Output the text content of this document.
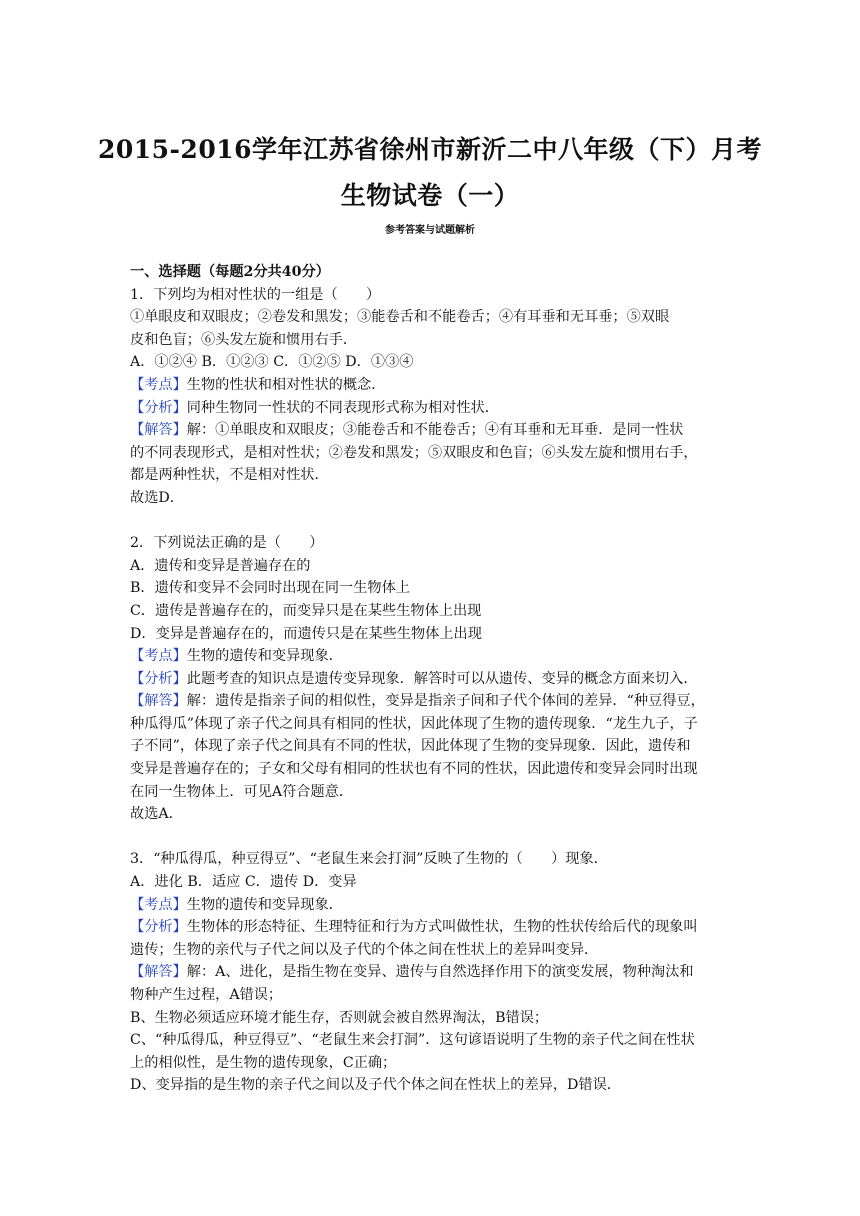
2015-2016学年江苏省徐州市新沂二中八年级（下）月考
生物试卷（一）
参考答案与试题解析

一、选择题（每题2分共40分）

1．下列均为相对性状的一组是（　　）

①单眼皮和双眼皮；②卷发和黑发；③能卷舌和不能卷舌；④有耳垂和无耳垂；⑤双眼

皮和色盲；⑥头发左旋和惯用右手．

A．①②④ B．①②③ C．①②⑤ D．①③④

【考点】生物的性状和相对性状的概念．

【分析】同种生物同一性状的不同表现形式称为相对性状．

【解答】解：①单眼皮和双眼皮；③能卷舌和不能卷舌；④有耳垂和无耳垂．是同一性状

的不同表现形式，是相对性状；②卷发和黑发；⑤双眼皮和色盲；⑥头发左旋和惯用右手，

都是两种性状，不是相对性状．

故选D．

2．下列说法正确的是（　　）

A．遗传和变异是普遍存在的

B．遗传和变异不会同时出现在同一生物体上

C．遗传是普遍存在的，而变异只是在某些生物体上出现

D．变异是普遍存在的，而遗传只是在某些生物体上出现

【考点】生物的遗传和变异现象．

【分析】此题考查的知识点是遗传变异现象．解答时可以从遗传、变异的概念方面来切入．

【解答】解：遗传是指亲子间的相似性，变异是指亲子间和子代个体间的差异．“种豆得豆，

种瓜得瓜”体现了亲子代之间具有相同的性状，因此体现了生物的遗传现象．“龙生九子，子

子不同”，体现了亲子代之间具有不同的性状，因此体现了生物的变异现象．因此，遗传和

变异是普遍存在的；子女和父母有相同的性状也有不同的性状，因此遗传和变异会同时出现

在同一生物体上．可见A符合题意．

故选A．

3．“种瓜得瓜，种豆得豆”、“老鼠生来会打洞”反映了生物的（　　）现象．

A．进化 B．适应 C．遗传 D．变异

【考点】生物的遗传和变异现象．

【分析】生物体的形态特征、生理特征和行为方式叫做性状，生物的性状传给后代的现象叫

遗传；生物的亲代与子代之间以及子代的个体之间在性状上的差异叫变异．

【解答】解：A、进化，是指生物在变异、遗传与自然选择作用下的演变发展，物种淘汰和

物种产生过程，A错误；

B、生物必须适应环境才能生存，否则就会被自然界淘汰，B错误；

C、“种瓜得瓜，种豆得豆”、“老鼠生来会打洞”．这句谚语说明了生物的亲子代之间在性状

上的相似性，是生物的遗传现象，C正确；

D、变异指的是生物的亲子代之间以及子代个体之间在性状上的差异，D错误．
